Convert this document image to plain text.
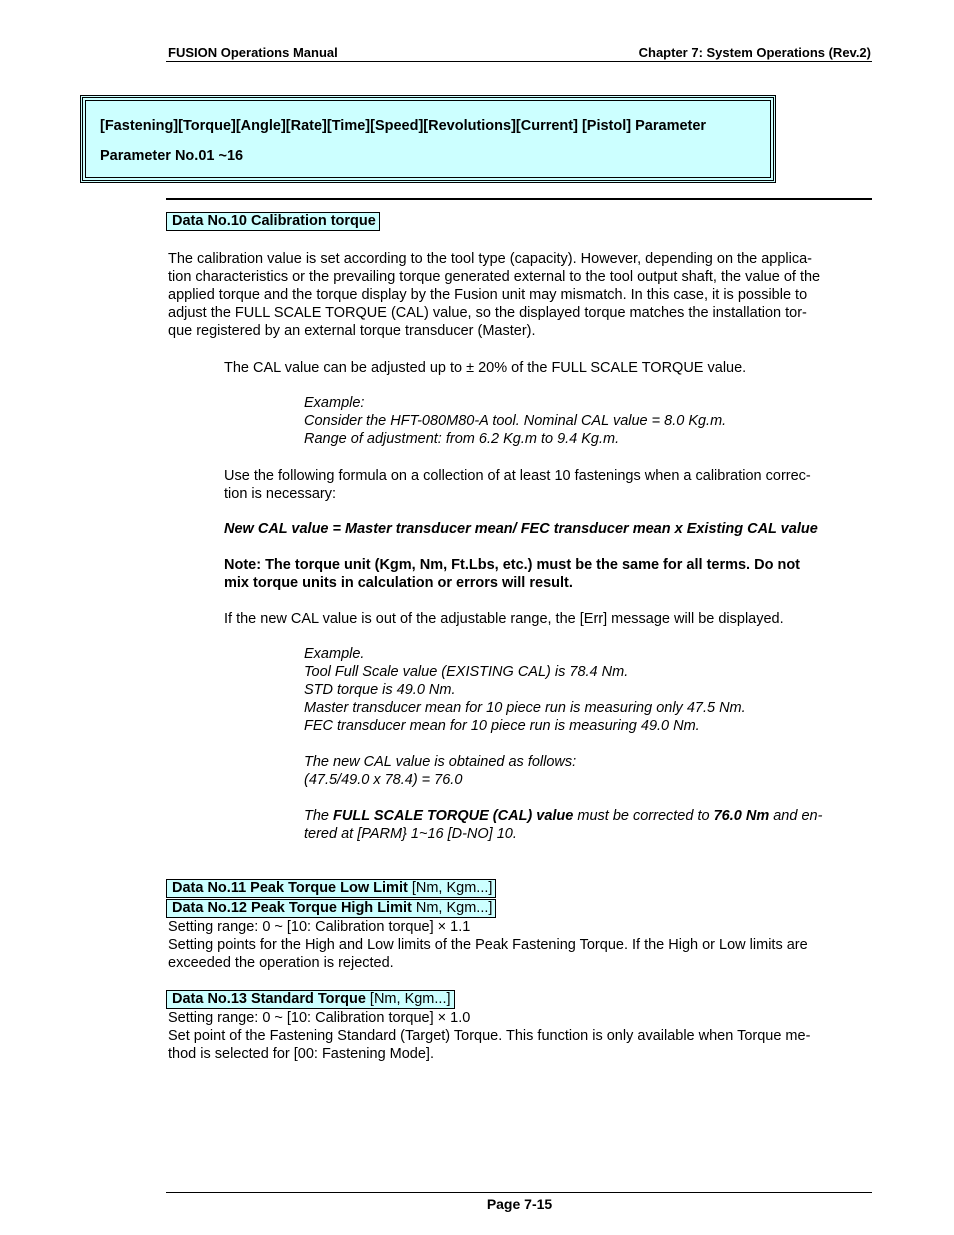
FUSION Operations Manual	Chapter 7: System Operations (Rev.2)
[Fastening][Torque][Angle][Rate][Time][Speed][Revolutions][Current] [Pistol] Parameter
Parameter No.01 ~16
Data No.10 Calibration torque
The calibration value is set according to the tool type (capacity). However, depending on the applica-
tion characteristics or the prevailing torque generated external to the tool output shaft, the value of the
applied torque and the torque display by the Fusion unit may mismatch. In this case, it is possible to
adjust the FULL SCALE TORQUE (CAL) value, so the displayed torque matches the installation tor-
que registered by an external torque transducer (Master).
The CAL value can be adjusted up to ± 20% of the FULL SCALE TORQUE value.
Example:
Consider the HFT-080M80-A tool. Nominal CAL value = 8.0 Kg.m.
Range of adjustment: from 6.2 Kg.m to 9.4 Kg.m.
Use the following formula on a collection of at least 10 fastenings when a calibration correc-
tion is necessary:
New CAL value = Master transducer mean/ FEC transducer mean x Existing CAL value
Note: The torque unit (Kgm, Nm, Ft.Lbs, etc.) must be the same for all terms. Do not
mix torque units in calculation or errors will result.
If the new CAL value is out of the adjustable range, the [Err] message will be displayed.
Example.
Tool Full Scale value (EXISTING CAL) is 78.4 Nm.
STD torque is 49.0 Nm.
Master transducer mean for 10 piece run is measuring only 47.5 Nm.
FEC transducer mean for 10 piece run is measuring 49.0 Nm.
The new CAL value is obtained as follows:
(47.5/49.0 x 78.4) = 76.0
The FULL SCALE TORQUE (CAL) value must be corrected to 76.0 Nm and en-
tered at [PARM} 1~16 [D-NO] 10.
Data No.11 Peak Torque Low Limit [Nm, Kgm...]
Data No.12 Peak Torque High Limit Nm, Kgm...]
Setting range: 0 ~ [10: Calibration torque] × 1.1
Setting points for the High and Low limits of the Peak Fastening Torque. If the High or Low limits are
exceeded the operation is rejected.
Data No.13 Standard Torque [Nm, Kgm...]
Setting range: 0 ~ [10: Calibration torque] × 1.0
Set point of the Fastening Standard (Target) Torque. This function is only available when Torque me-
thod is selected for [00: Fastening Mode].
Page 7-15
